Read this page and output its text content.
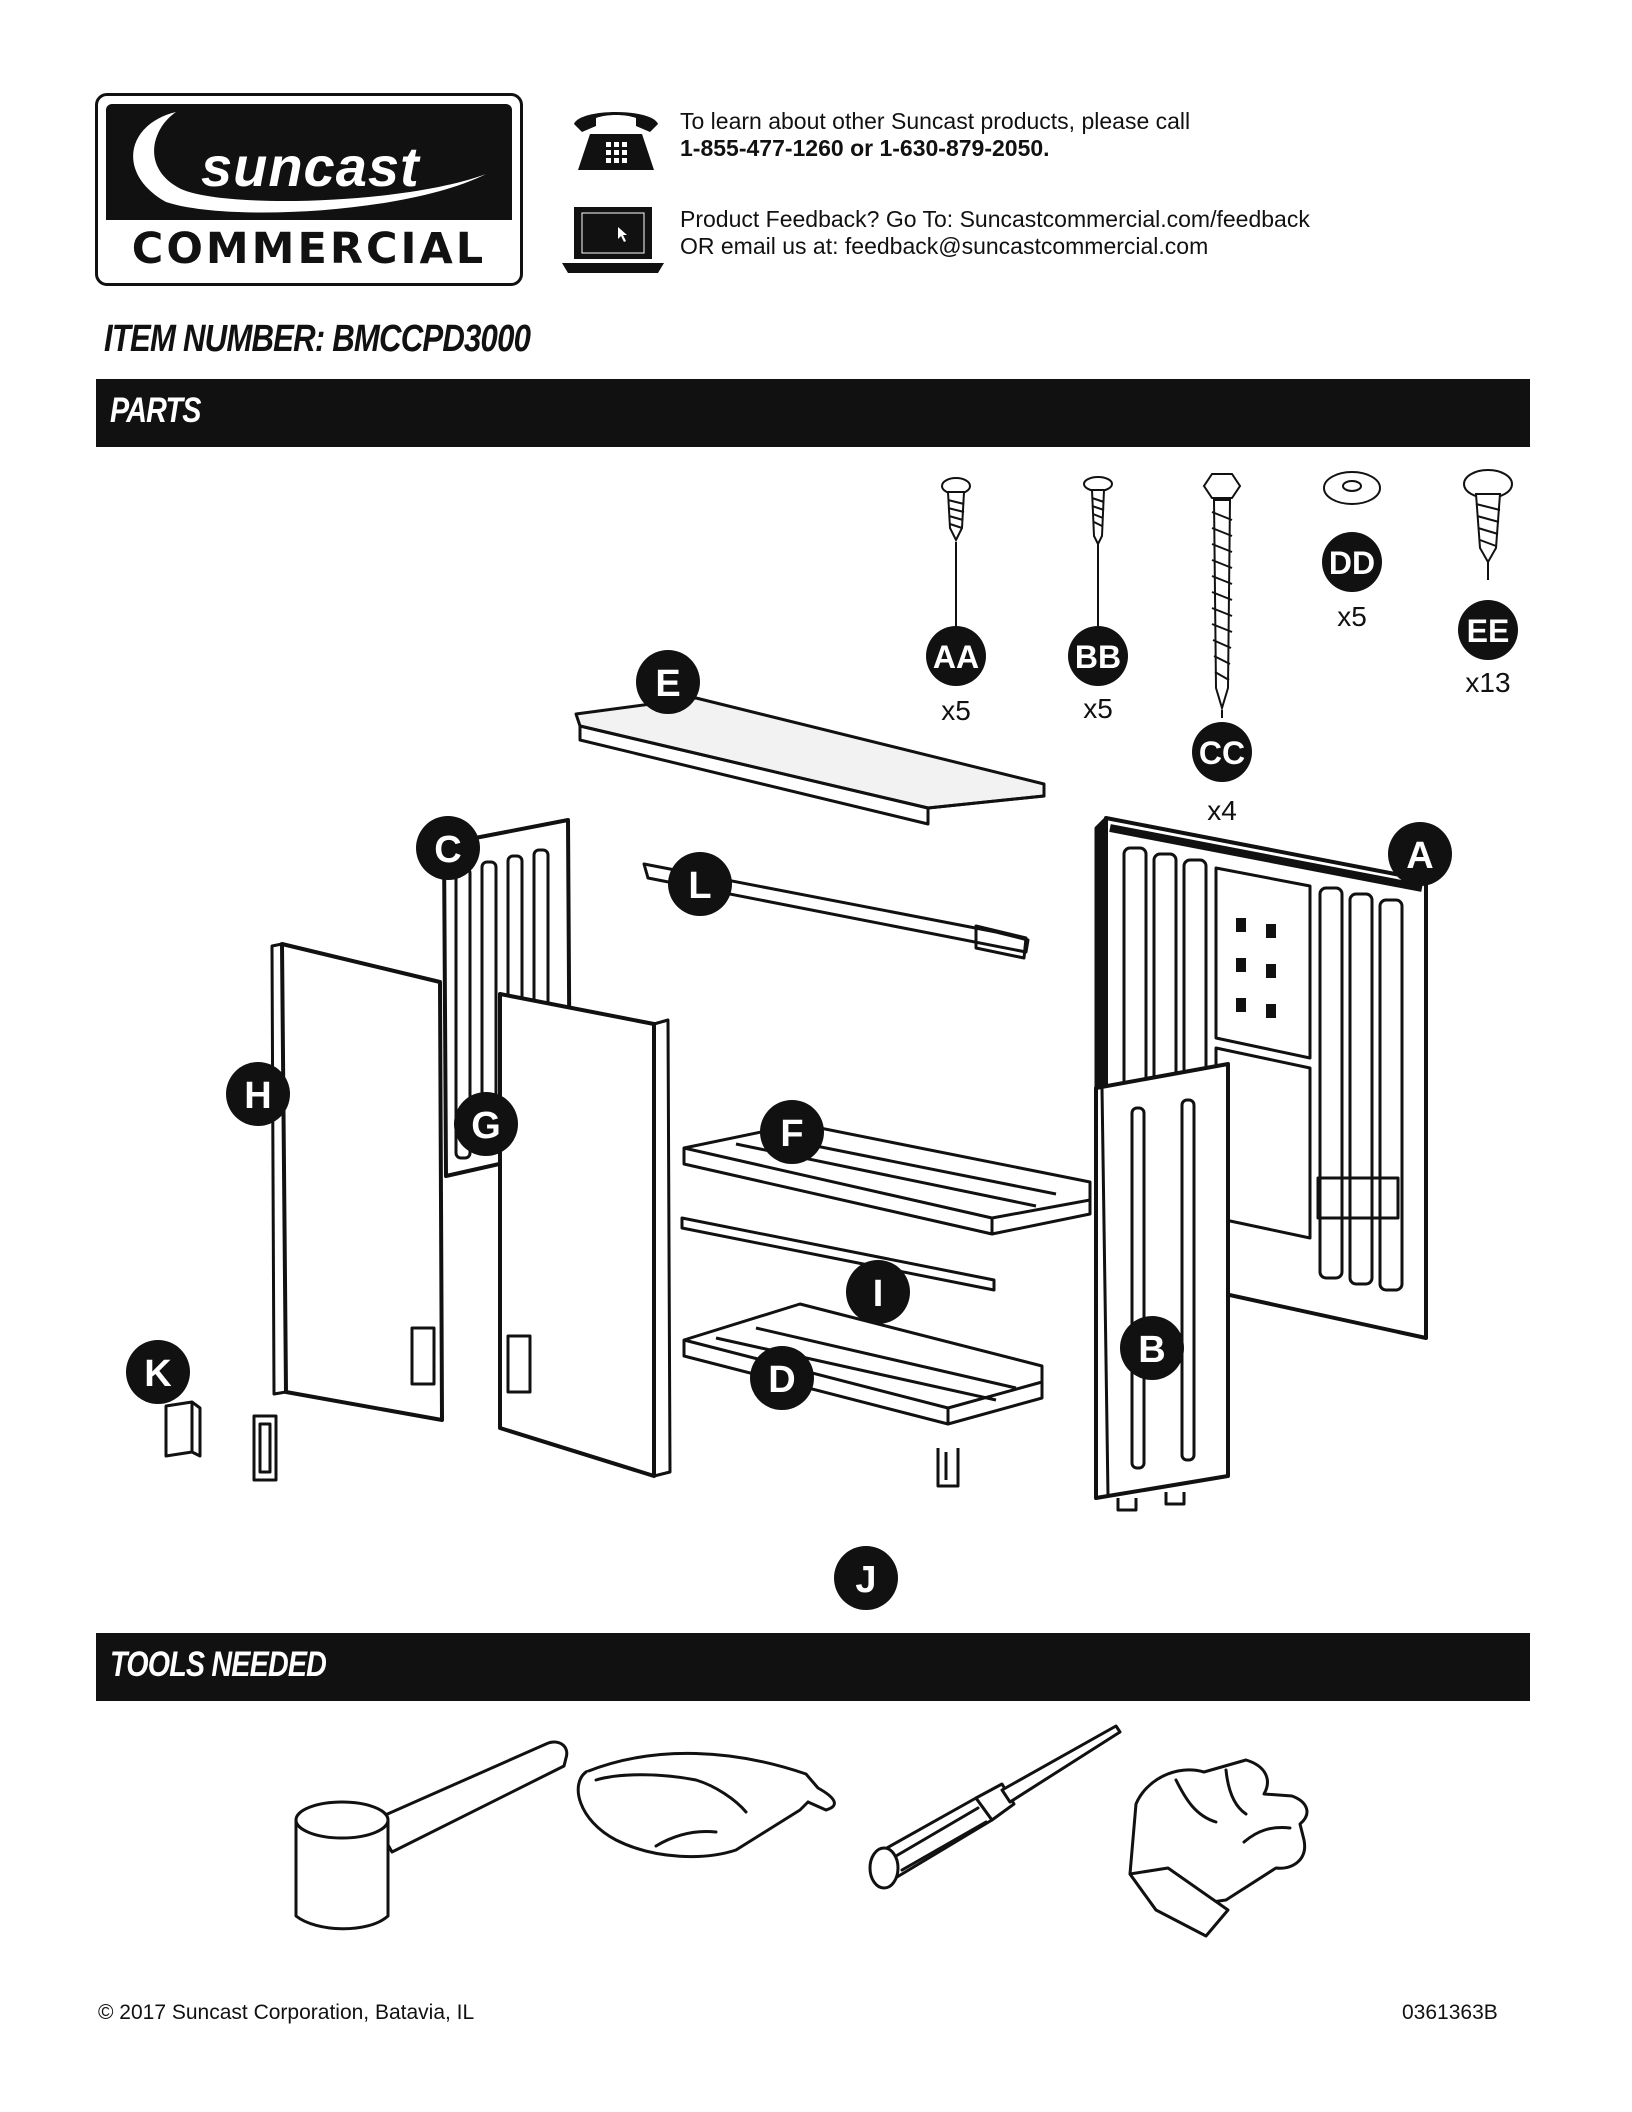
suncast
COMMERCIAL
To learn about other Suncast products, please call
1-855-477-1260 or 1-630-879-2050.
Product Feedback? Go To: Suncastcommercial.com/feedback
OR email us at: feedback@suncastcommercial.com
ITEM NUMBER: BMCCPD3000
PARTS
AA
x5
BB
x5
CC
x4
DD
x5	EE
x13
E
L
C	A
H
G	F
I
B
K	D
J
TOOLS NEEDED
© 2017 Suncast Corporation, Batavia, IL	0361363B
